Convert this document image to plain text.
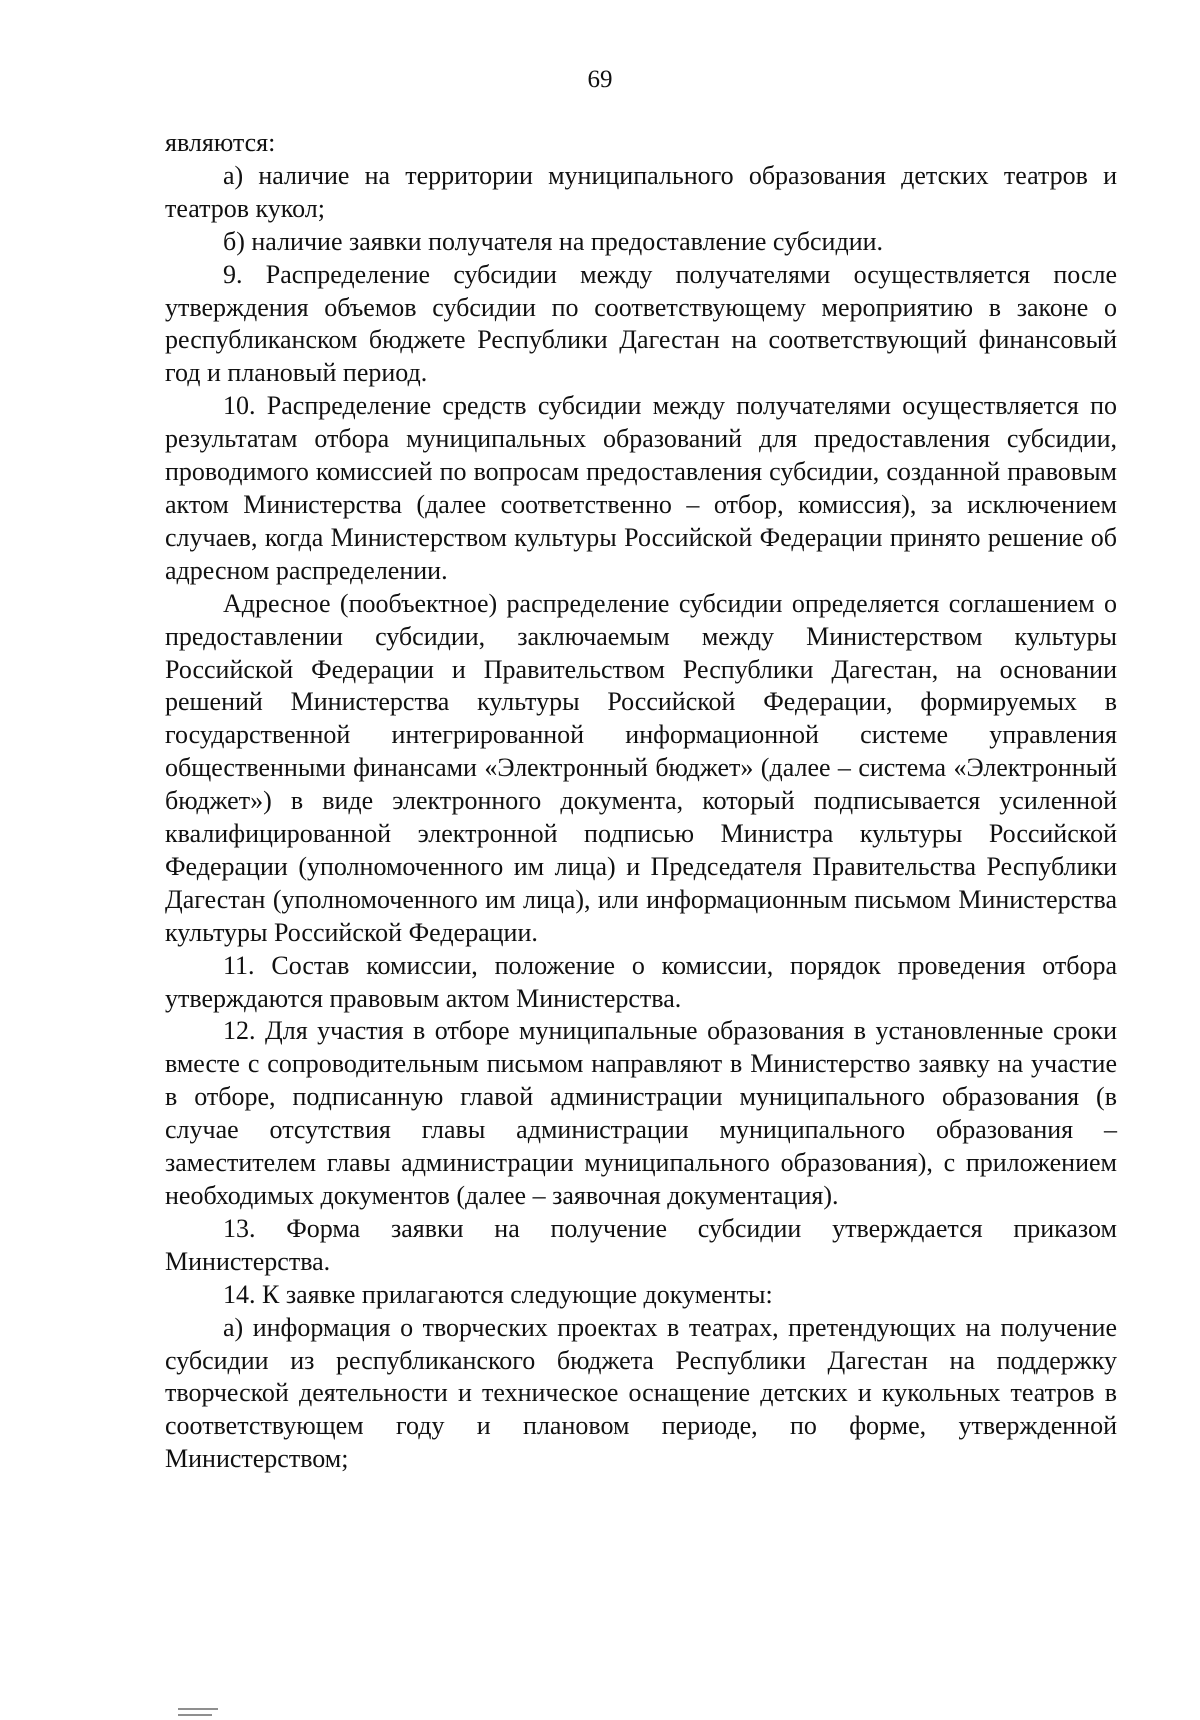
69

являются:

а) наличие на территории муниципального образования детских театров и театров кукол;

б) наличие заявки получателя на предоставление субсидии.

9. Распределение субсидии между получателями осуществляется после утверждения объемов субсидии по соответствующему мероприятию в законе о республиканском бюджете Республики Дагестан на соответствующий финансовый год и плановый период.

10. Распределение средств субсидии между получателями осуществляется по результатам отбора муниципальных образований для предоставления субсидии, проводимого комиссией по вопросам предоставления субсидии, созданной правовым актом Министерства (далее соответственно – отбор, комиссия), за исключением случаев, когда Министерством культуры Российской Федерации принято решение об адресном распределении.

Адресное (пообъектное) распределение субсидии определяется соглашением о предоставлении субсидии, заключаемым между Министерством культуры Российской Федерации и Правительством Республики Дагестан, на основании решений Министерства культуры Российской Федерации, формируемых в государственной интегрированной информационной системе управления общественными финансами «Электронный бюджет» (далее – система «Электронный бюджет») в виде электронного документа, который подписывается усиленной квалифицированной электронной подписью Министра культуры Российской Федерации (уполномоченного им лица) и Председателя Правительства Республики Дагестан (уполномоченного им лица), или информационным письмом Министерства культуры Российской Федерации.

11. Состав комиссии, положение о комиссии, порядок проведения отбора утверждаются правовым актом Министерства.

12. Для участия в отборе муниципальные образования в установленные сроки вместе с сопроводительным письмом направляют в Министерство заявку на участие в отборе, подписанную главой администрации муниципального образования (в случае отсутствия главы администрации муниципального образования – заместителем главы администрации муниципального образования), с приложением необходимых документов (далее – заявочная документация).

13. Форма заявки на получение субсидии утверждается приказом Министерства.

14. К заявке прилагаются следующие документы:

а) информация о творческих проектах в театрах, претендующих на получение субсидии из республиканского бюджета Республики Дагестан на поддержку творческой деятельности и техническое оснащение детских и кукольных театров в соответствующем году и плановом периоде, по форме, утвержденной Министерством;
